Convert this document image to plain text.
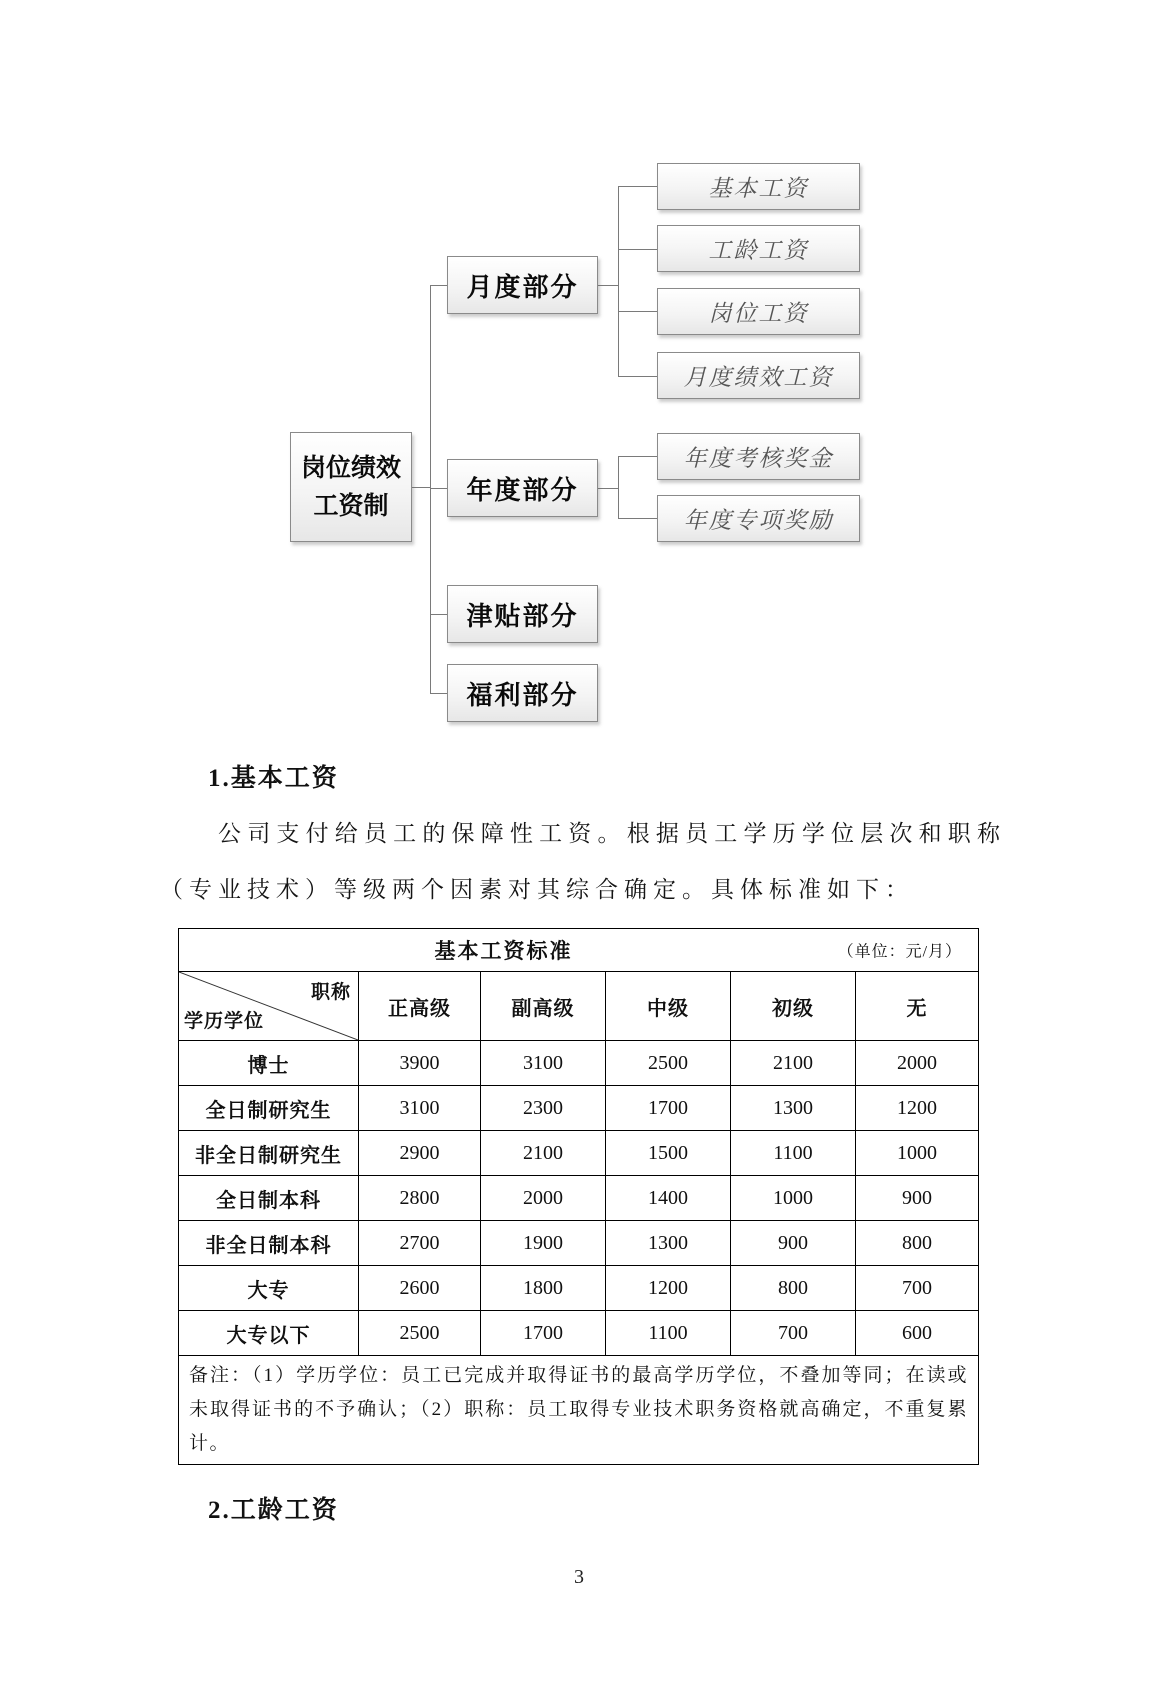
岗位绩效
工资制
月度部分
年度部分
津贴部分
福利部分
基本工资
工龄工资
岗位工资
月度绩效工资
年度考核奖金
年度专项奖励
1.基本工资
公司支付给员工的保障性工资。根据员工学历学位层次和职称（专业技术）等级两个因素对其综合确定。具体标准如下：
基本工资标准 （单位：元/月）					

职称
学历学位	正高级	副高级	中级	初级	无
博士	3900	3100	2500	2100	2000
全日制研究生	3100	2300	1700	1300	1200
非全日制研究生	2900	2100	1500	1100	1000
全日制本科	2800	2000	1400	1000	900
非全日制本科	2700	1900	1300	900	800
大专	2600	1800	1200	800	700
大专以下	2500	1700	1100	700	600
备注：（1）学历学位：员工已完成并取得证书的最高学历学位，不叠加等同；在读或未取得证书的不予确认；（2）职称：员工取得专业技术职务资格就高确定，不重复累计。					
2.工龄工资
3
